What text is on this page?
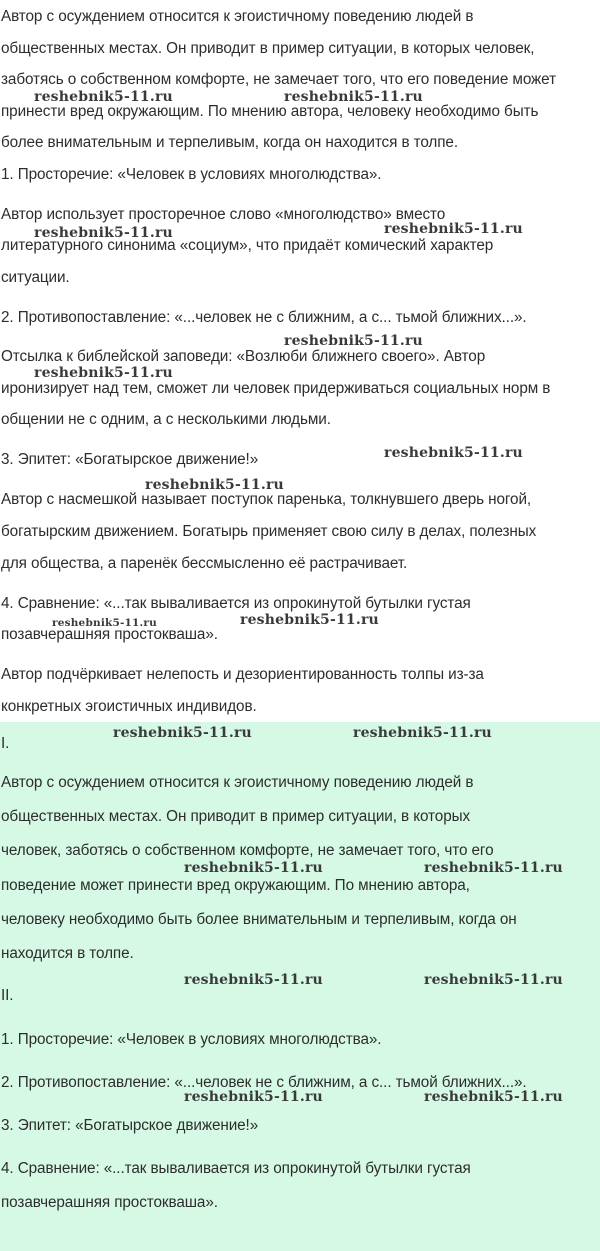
Автор с осуждением относится к эгоистичному поведению людей в
общественных местах. Он приводит в пример ситуации, в которых человек,
заботясь о собственном комфорте, не замечает того, что его поведение может
принести вред окружающим. По мнению автора, человеку необходимо быть
более внимательным и терпеливым, когда он находится в толпе.
1. Просторечие: «Человек в условиях многолюдства».
Автор использует просторечное слово «многолюдство» вместо
литературного синонима «социум», что придаёт комический характер
ситуации.
2. Противопоставление: «...человек не с ближним, а с... тьмой ближних...».
Отсылка к библейской заповеди: «Возлюби ближнего своего». Автор
иронизирует над тем, сможет ли человек придерживаться социальных норм в
общении не с одним, а с несколькими людьми.
3. Эпитет: «Богатырское движение!»
Автор с насмешкой называет поступок паренька, толкнувшего дверь ногой,
богатырским движением. Богатырь применяет свою силу в делах, полезных
для общества, а паренёк бессмысленно её растрачивает.
4. Сравнение: «...так вываливается из опрокинутой бутылки густая
позавчерашняя простокваша».
Автор подчёркивает нелепость и дезориентированность толпы из-за
конкретных эгоистичных индивидов.
I.
Автор с осуждением относится к эгоистичному поведению людей в
общественных местах. Он приводит в пример ситуации, в которых
человек, заботясь о собственном комфорте, не замечает того, что его
поведение может принести вред окружающим. По мнению автора,
человеку необходимо быть более внимательным и терпеливым, когда он
находится в толпе.
II.
1. Просторечие: «Человек в условиях многолюдства».
2. Противопоставление: «...человек не с ближним, а с... тьмой ближних...».
3. Эпитет: «Богатырское движение!»
4. Сравнение: «...так вываливается из опрокинутой бутылки густая
позавчерашняя простокваша».
reshebnik5-11.ru	reshebnik5-11.ru
reshebnik5-11.ru	reshebnik5-11.ru
reshebnik5-11.ru
reshebnik5-11.ru
reshebnik5-11.ru
reshebnik5-11.ru
reshebnik5-11.ru	reshebnik5-11.ru
reshebnik5-11.ru	reshebnik5-11.ru
reshebnik5-11.ru	reshebnik5-11.ru
reshebnik5-11.ru	reshebnik5-11.ru
reshebnik5-11.ru	reshebnik5-11.ru
